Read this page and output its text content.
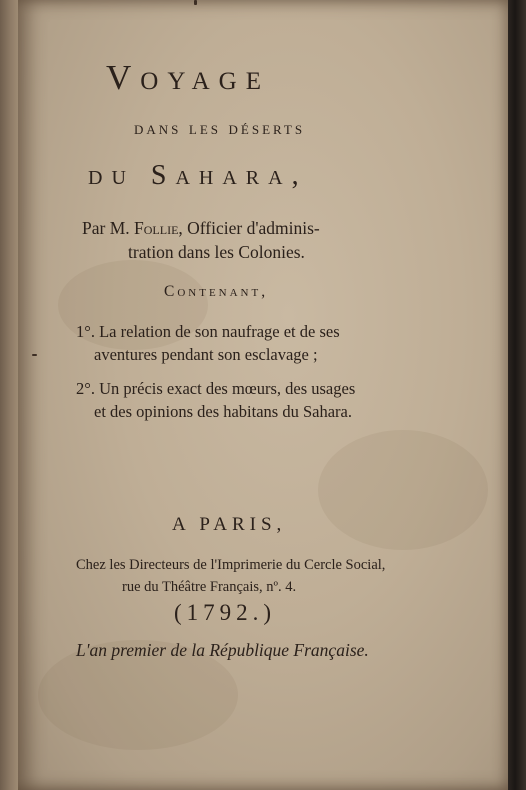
Voyage
dans les déserts
du Sahara,
Par M. Follie, Officier d'adminis-
tration dans les Colonies.
Contenant,
1°. La relation de son naufrage et de ses
aventures pendant son esclavage ;
2°. Un précis exact des mœurs, des usages
et des opinions des habitans du Sahara.
A PARIS,
Chez les Directeurs de l'Imprimerie du Cercle Social,
rue du Théâtre Français, nº. 4.
(1792.)
L'an premier de la République Française.
